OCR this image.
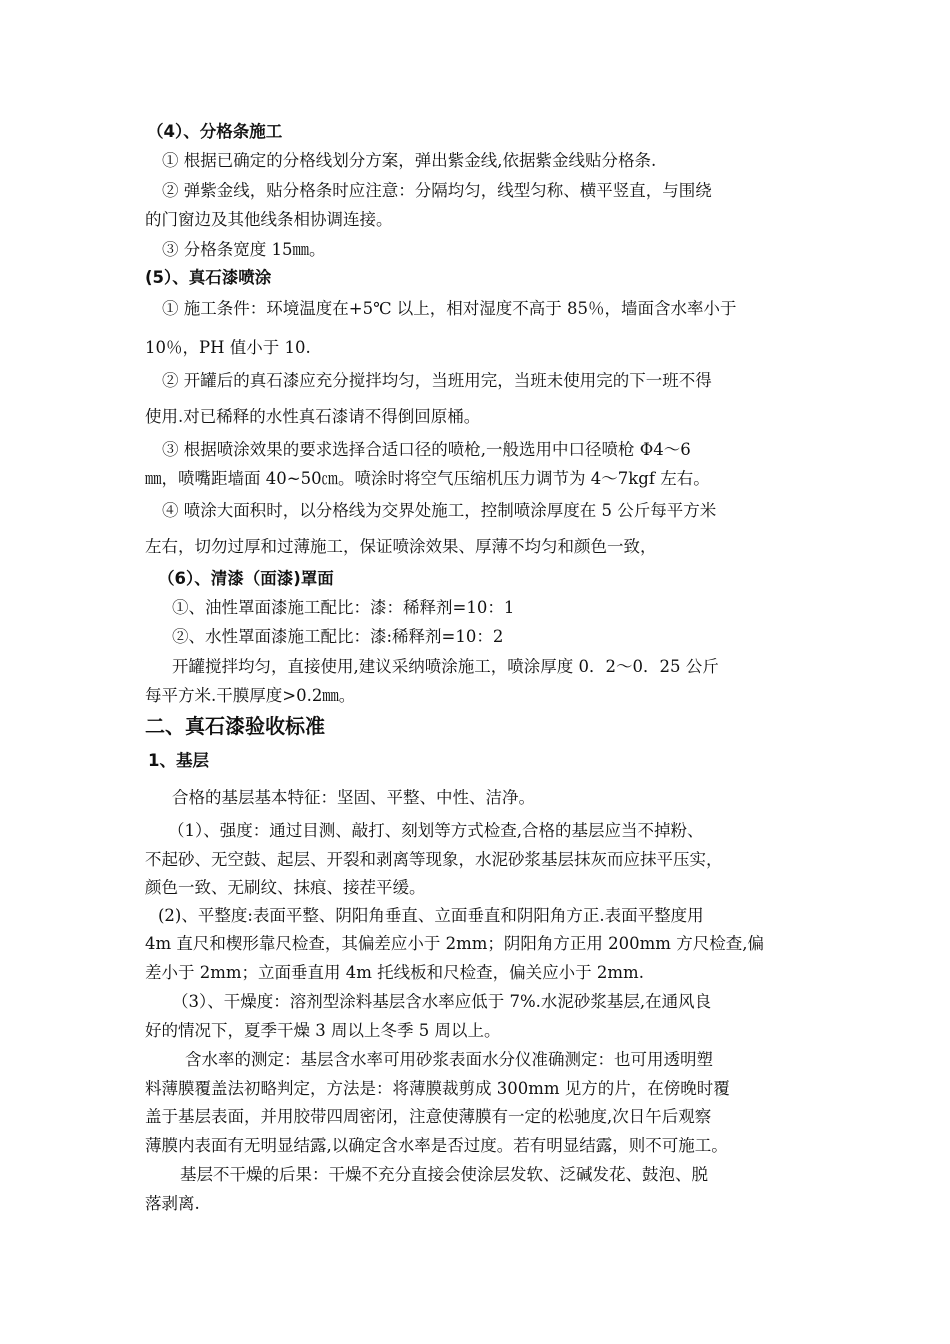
（4）、分格条施工
① 根据已确定的分格线划分方案，弹出紫金线,依据紫金线贴分格条.
② 弹紫金线，贴分格条时应注意：分隔均匀，线型匀称、横平竖直，与围绕
的门窗边及其他线条相协调连接。
③ 分格条宽度 15㎜。
(5）、真石漆喷涂
① 施工条件：环境温度在+5℃ 以上，相对湿度不高于 85％，墙面含水率小于
10％，PH 值小于 10.
② 开罐后的真石漆应充分搅拌均匀，当班用完，当班未使用完的下一班不得
使用.对已稀释的水性真石漆请不得倒回原桶。
③ 根据喷涂效果的要求选择合适口径的喷枪,一般选用中口径喷枪 Φ4～6
㎜，喷嘴距墙面 40~50㎝。喷涂时将空气压缩机压力调节为 4～7kgf 左右。
④ 喷涂大面积时，以分格线为交界处施工，控制喷涂厚度在 5 公斤每平方米
左右，切勿过厚和过薄施工，保证喷涂效果、厚薄不均匀和颜色一致，
（6）、清漆（面漆)罩面
①、油性罩面漆施工配比：漆：稀释剂=10：1
②、水性罩面漆施工配比：漆:稀释剂=10：2
开罐搅拌均匀，直接使用,建议采纳喷涂施工，喷涂厚度 0．2～0．25 公斤
每平方米.干膜厚度>0.2㎜。
二、真石漆验收标准
1、基层
合格的基层基本特征：坚固、平整、中性、洁净。
（1）、强度：通过目测、敲打、刻划等方式检查,合格的基层应当不掉粉、
不起砂、无空鼓、起层、开裂和剥离等现象，水泥砂浆基层抹灰而应抹平压实，
颜色一致、无刷纹、抹痕、接茬平缓。
(2)、平整度:表面平整、阴阳角垂直、立面垂直和阴阳角方正.表面平整度用
4m 直尺和楔形靠尺检查，其偏差应小于 2mm；阴阳角方正用 200mm 方尺检查,偏
差小于 2mm；立面垂直用 4m 托线板和尺检查，偏关应小于 2mm.
（3）、干燥度：溶剂型涂料基层含水率应低于 7%.水泥砂浆基层,在通风良
好的情况下，夏季干燥 3 周以上冬季 5 周以上。
含水率的测定：基层含水率可用砂浆表面水分仪准确测定：也可用透明塑
料薄膜覆盖法初略判定，方法是：将薄膜裁剪成 300mm 见方的片，在傍晚时覆
盖于基层表面，并用胶带四周密闭，注意使薄膜有一定的松驰度,次日午后观察
薄膜内表面有无明显结露,以确定含水率是否过度。若有明显结露，则不可施工。
基层不干燥的后果：干燥不充分直接会使涂层发软、泛碱发花、鼓泡、脱
落剥离.
